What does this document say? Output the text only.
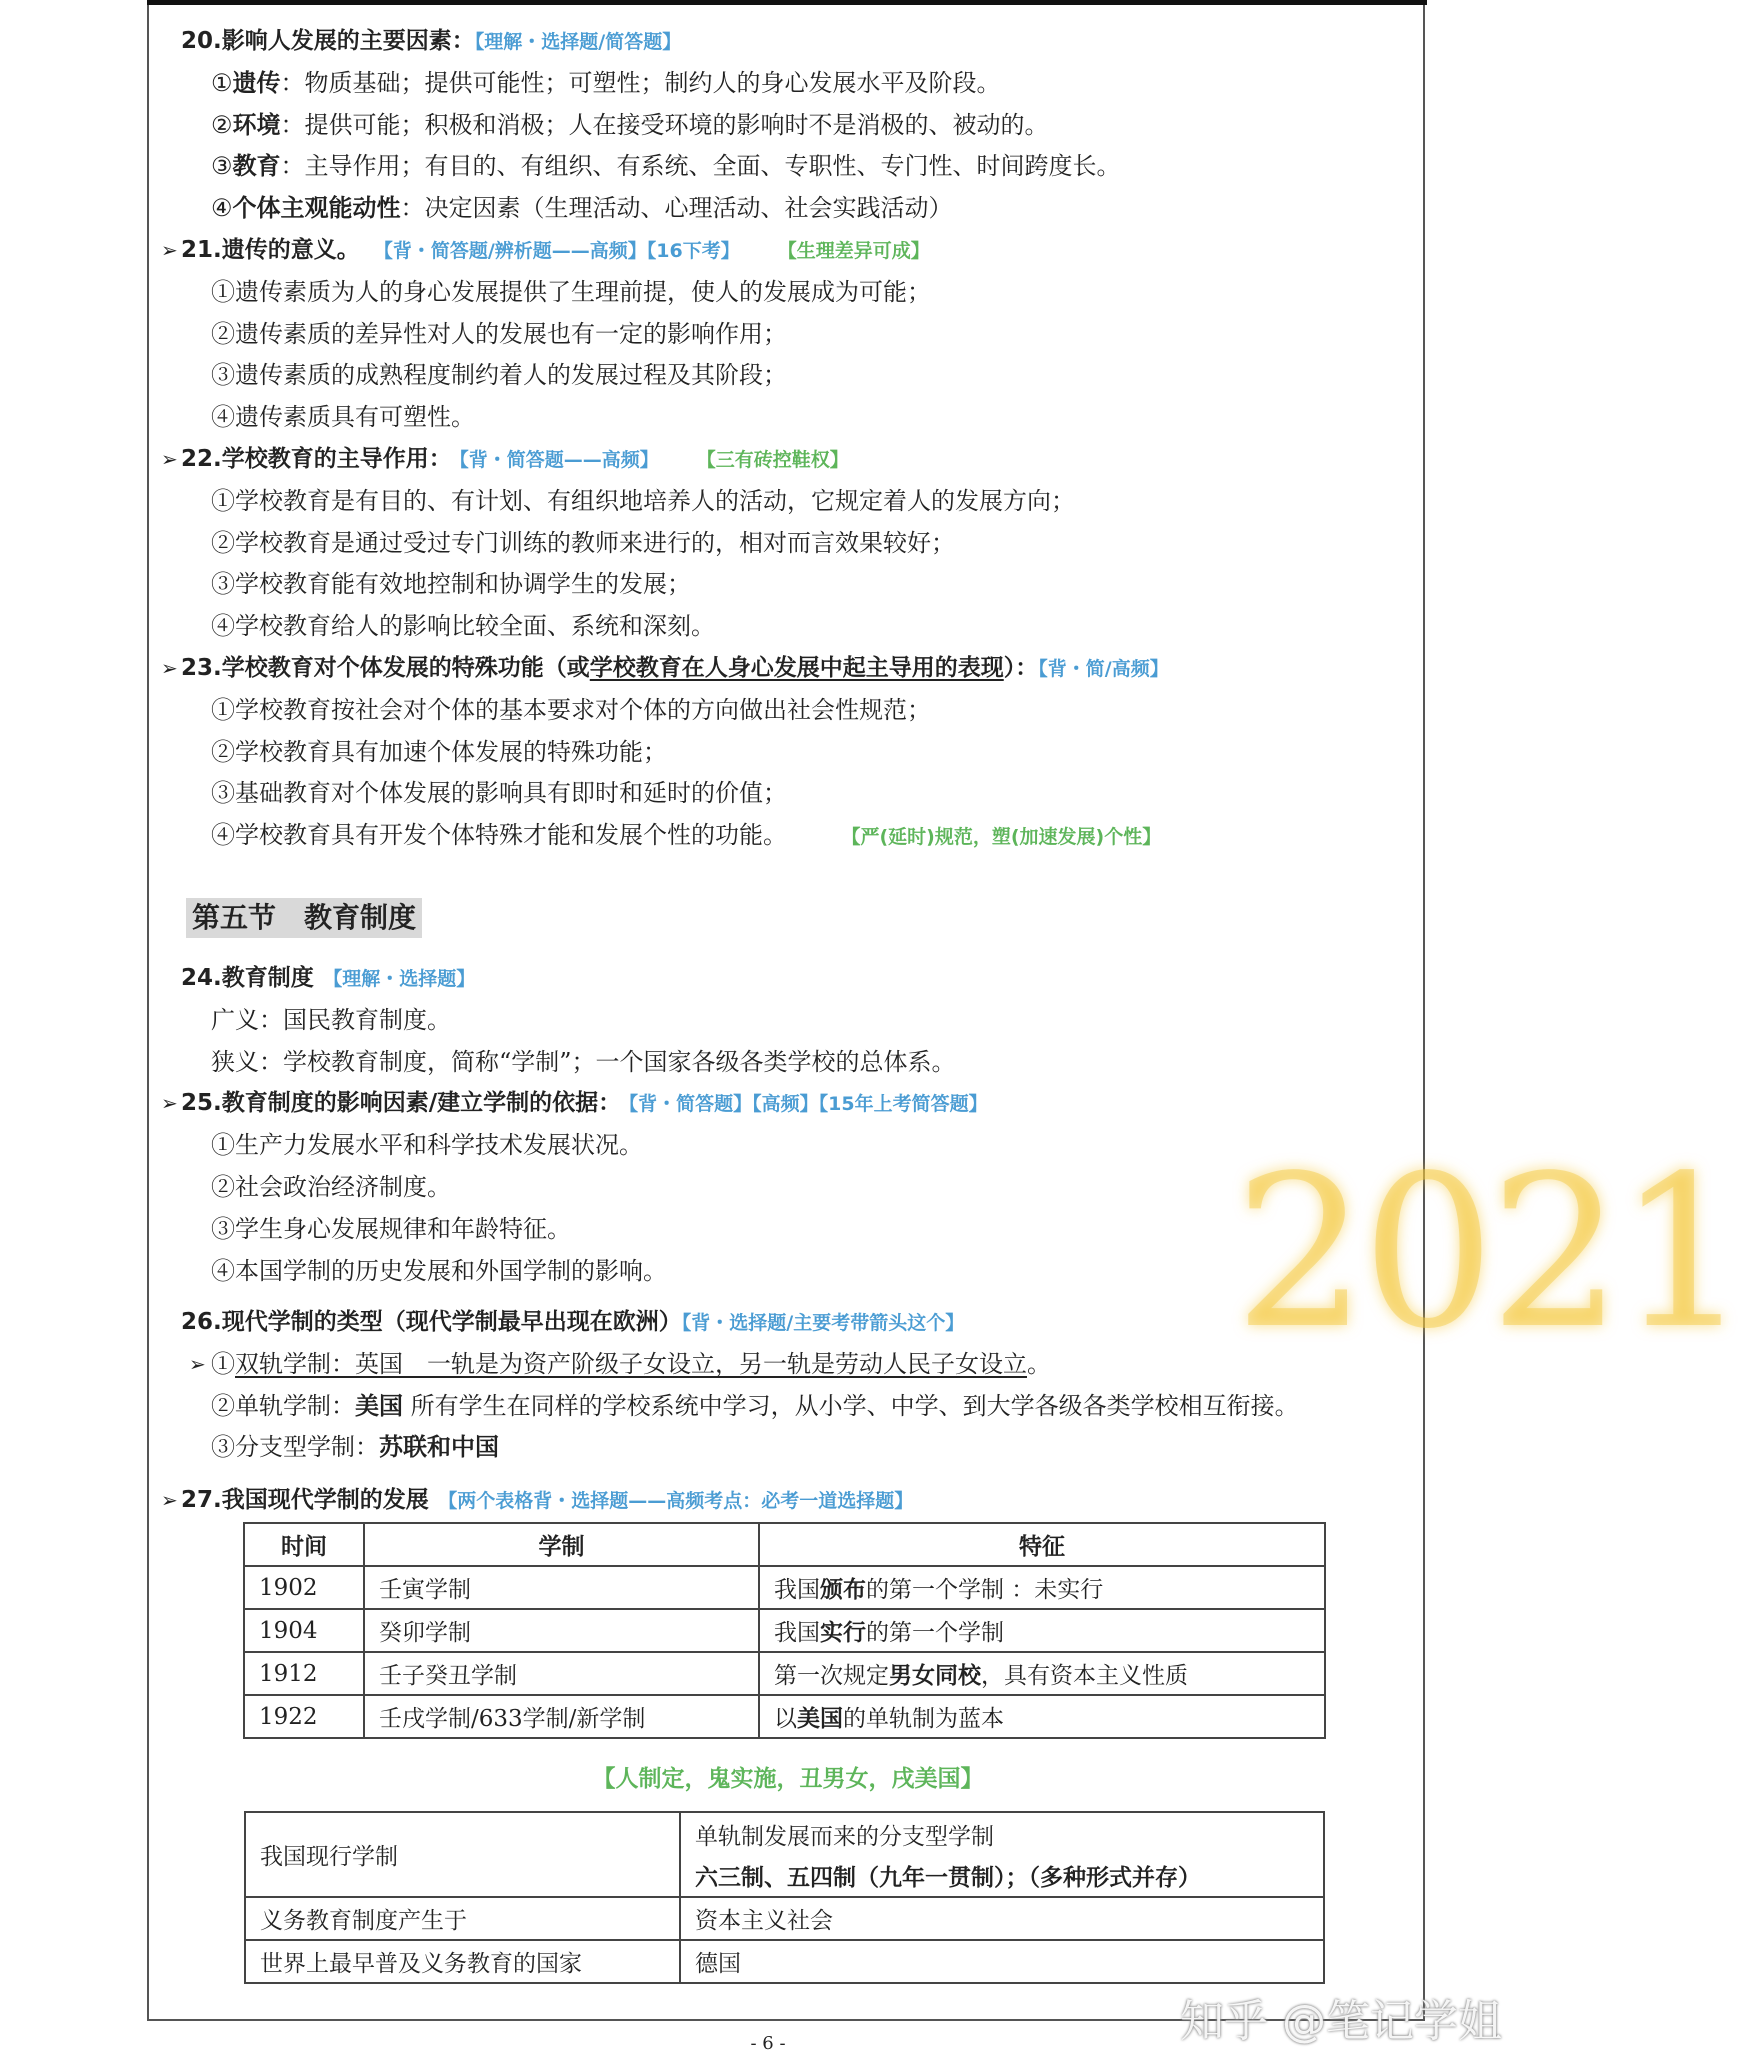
20.影响人发展的主要因素：【理解・选择题/简答题】
①遗传：物质基础；提供可能性；可塑性；制约人的身心发展水平及阶段。
②环境：提供可能；积极和消极；人在接受环境的影响时不是消极的、被动的。
③教育：主导作用；有目的、有组织、有系统、全面、专职性、专门性、时间跨度长。
④个体主观能动性：决定因素（生理活动、心理活动、社会实践活动）
➢ 21.遗传的意义。　 【背・简答题/辨析题——高频】【16下考】　　　【生理差异可成】
①遗传素质为人的身心发展提供了生理前提，使人的发展成为可能；
②遗传素质的差异性对人的发展也有一定的影响作用；
③遗传素质的成熟程度制约着人的发展过程及其阶段；
④遗传素质具有可塑性。
➢ 22.学校教育的主导作用：　【背・简答题——高频】　　　【三有砖控鞋权】
①学校教育是有目的、有计划、有组织地培养人的活动，它规定着人的发展方向；
②学校教育是通过受过专门训练的教师来进行的，相对而言效果较好；
③学校教育能有效地控制和协调学生的发展；
④学校教育给人的影响比较全面、系统和深刻。
➢ 23.学校教育对个体发展的特殊功能（或学校教育在人身心发展中起主导用的表现）：【背・简/高频】
①学校教育按社会对个体的基本要求对个体的方向做出社会性规范；
②学校教育具有加速个体发展的特殊功能；
③基础教育对个体发展的影响具有即时和延时的价值；
④学校教育具有开发个体特殊才能和发展个性的功能。　　　　【严(延时)规范，塑(加速发展)个性】
第五节　教育制度
24.教育制度　【理解・选择题】
广义：国民教育制度。
狭义：学校教育制度，简称“学制”；一个国家各级各类学校的总体系。
➢ 25.教育制度的影响因素/建立学制的依据：　【背・简答题】【高频】【15年上考简答题】
①生产力发展水平和科学技术发展状况。
②社会政治经济制度。
③学生身心发展规律和年龄特征。
④本国学制的历史发展和外国学制的影响。
26.现代学制的类型（现代学制最早出现在欧洲）【背・选择题/主要考带箭头这个】
➢ ①双轨学制：英国　一轨是为资产阶级子女设立，另一轨是劳动人民子女设立。
②单轨学制：美国 所有学生在同样的学校系统中学习，从小学、中学、到大学各级各类学校相互衔接。
③分支型学制：苏联和中国
➢ 27.我国现代学制的发展　【两个表格背・选择题——高频考点：必考一道选择题】
时间	学制	特征
1902	壬寅学制	我国颁布的第一个学制 ：未实行
1904	癸卯学制	我国实行的第一个学制
1912	壬子癸丑学制	第一次规定男女同校，具有资本主义性质
1922	壬戌学制/633学制/新学制	以美国的单轨制为蓝本
【人制定，鬼实施，丑男女，戌美国】
我国现行学制	单轨制发展而来的分支型学制
六三制、五四制（九年一贯制）；（多种形式并存）

义务教育制度产生于	资本主义社会

世界上最早普及义务教育的国家	德国
2021
知乎 @笔记学姐
- 6 -
